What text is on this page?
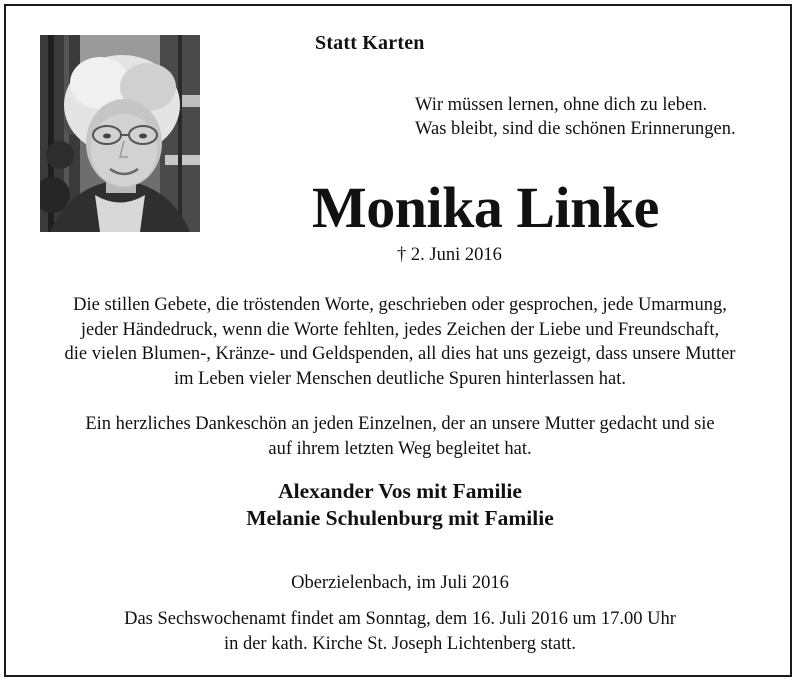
Statt Karten
Wir müssen lernen, ohne dich zu leben.
Was bleibt, sind die schönen Erinnerungen.
Monika Linke
† 2. Juni 2016
Die stillen Gebete, die tröstenden Worte, geschrieben oder gesprochen, jede Umarmung,
jeder Händedruck, wenn die Worte fehlten, jedes Zeichen der Liebe und Freundschaft,
die vielen Blumen-, Kränze- und Geldspenden, all dies hat uns gezeigt, dass unsere Mutter
im Leben vieler Menschen deutliche Spuren hinterlassen hat.
Ein herzliches Dankeschön an jeden Einzelnen, der an unsere Mutter gedacht und sie
auf ihrem letzten Weg begleitet hat.
Alexander Vos mit Familie
Melanie Schulenburg mit Familie
Oberzielenbach, im Juli 2016
Das Sechswochenamt findet am Sonntag, dem 16. Juli 2016 um 17.00 Uhr
in der kath. Kirche St. Joseph Lichtenberg statt.
